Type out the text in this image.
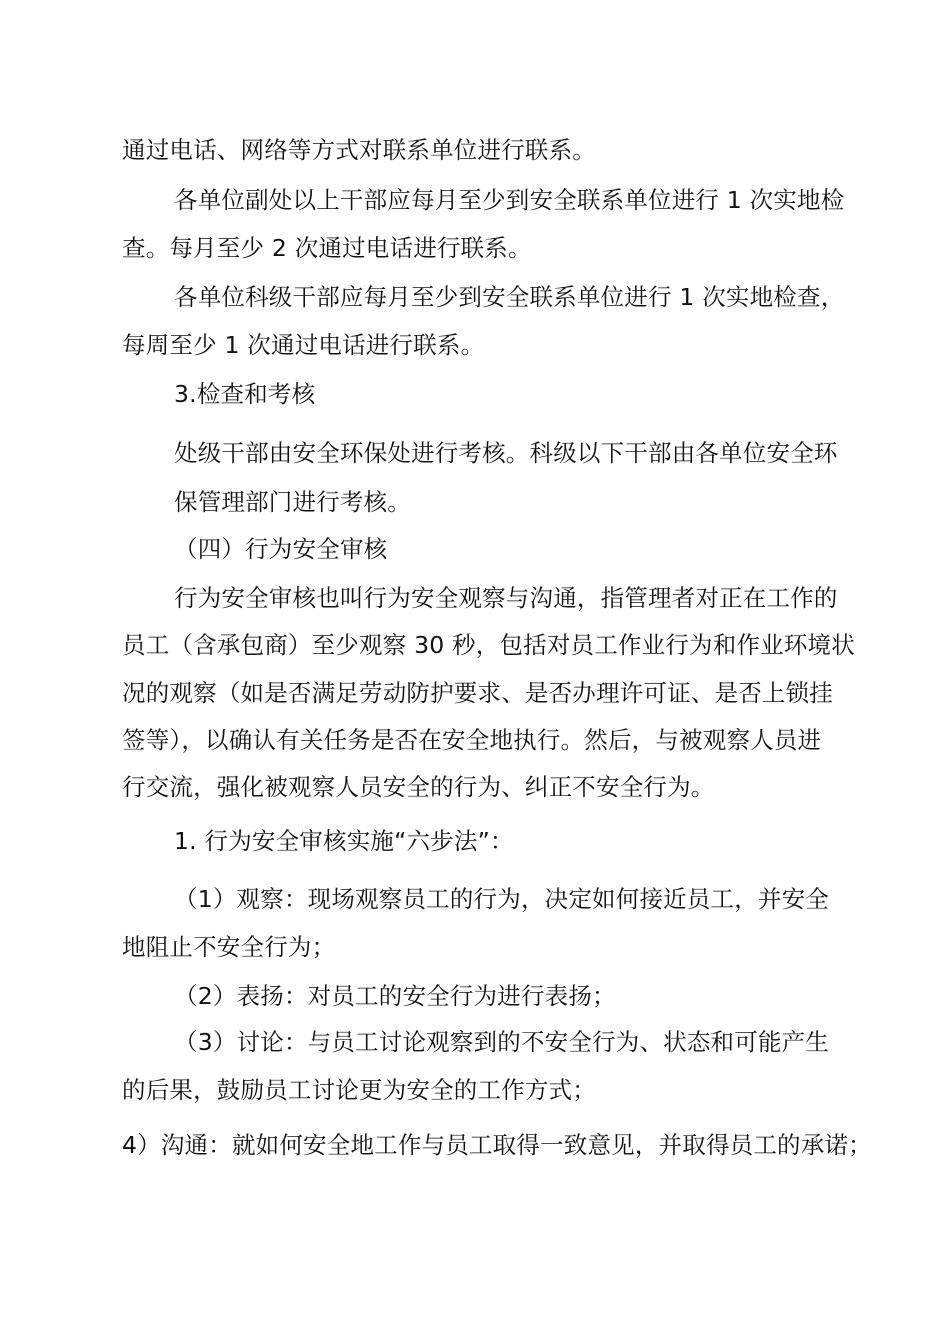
通过电话、网络等方式对联系单位进行联系。
各单位副处以上干部应每月至少到安全联系单位进行 1 次实地检
查。每月至少 2 次通过电话进行联系。
各单位科级干部应每月至少到安全联系单位进行 1 次实地检查，
每周至少 1 次通过电话进行联系。
3.检查和考核
处级干部由安全环保处进行考核。科级以下干部由各单位安全环
保管理部门进行考核。
（四）行为安全审核
行为安全审核也叫行为安全观察与沟通，指管理者对正在工作的
员工（含承包商）至少观察 30 秒，包括对员工作业行为和作业环境状
况的观察（如是否满足劳动防护要求、是否办理许可证、是否上锁挂
签等），以确认有关任务是否在安全地执行。然后，与被观察人员进
行交流，强化被观察人员安全的行为、纠正不安全行为。
1. 行为安全审核实施“六步法”：
（1）观察：现场观察员工的行为，决定如何接近员工，并安全
地阻止不安全行为；
（2）表扬：对员工的安全行为进行表扬；
（3）讨论：与员工讨论观察到的不安全行为、状态和可能产生
的后果，鼓励员工讨论更为安全的工作方式；
4）沟通：就如何安全地工作与员工取得一致意见，并取得员工的承诺；
